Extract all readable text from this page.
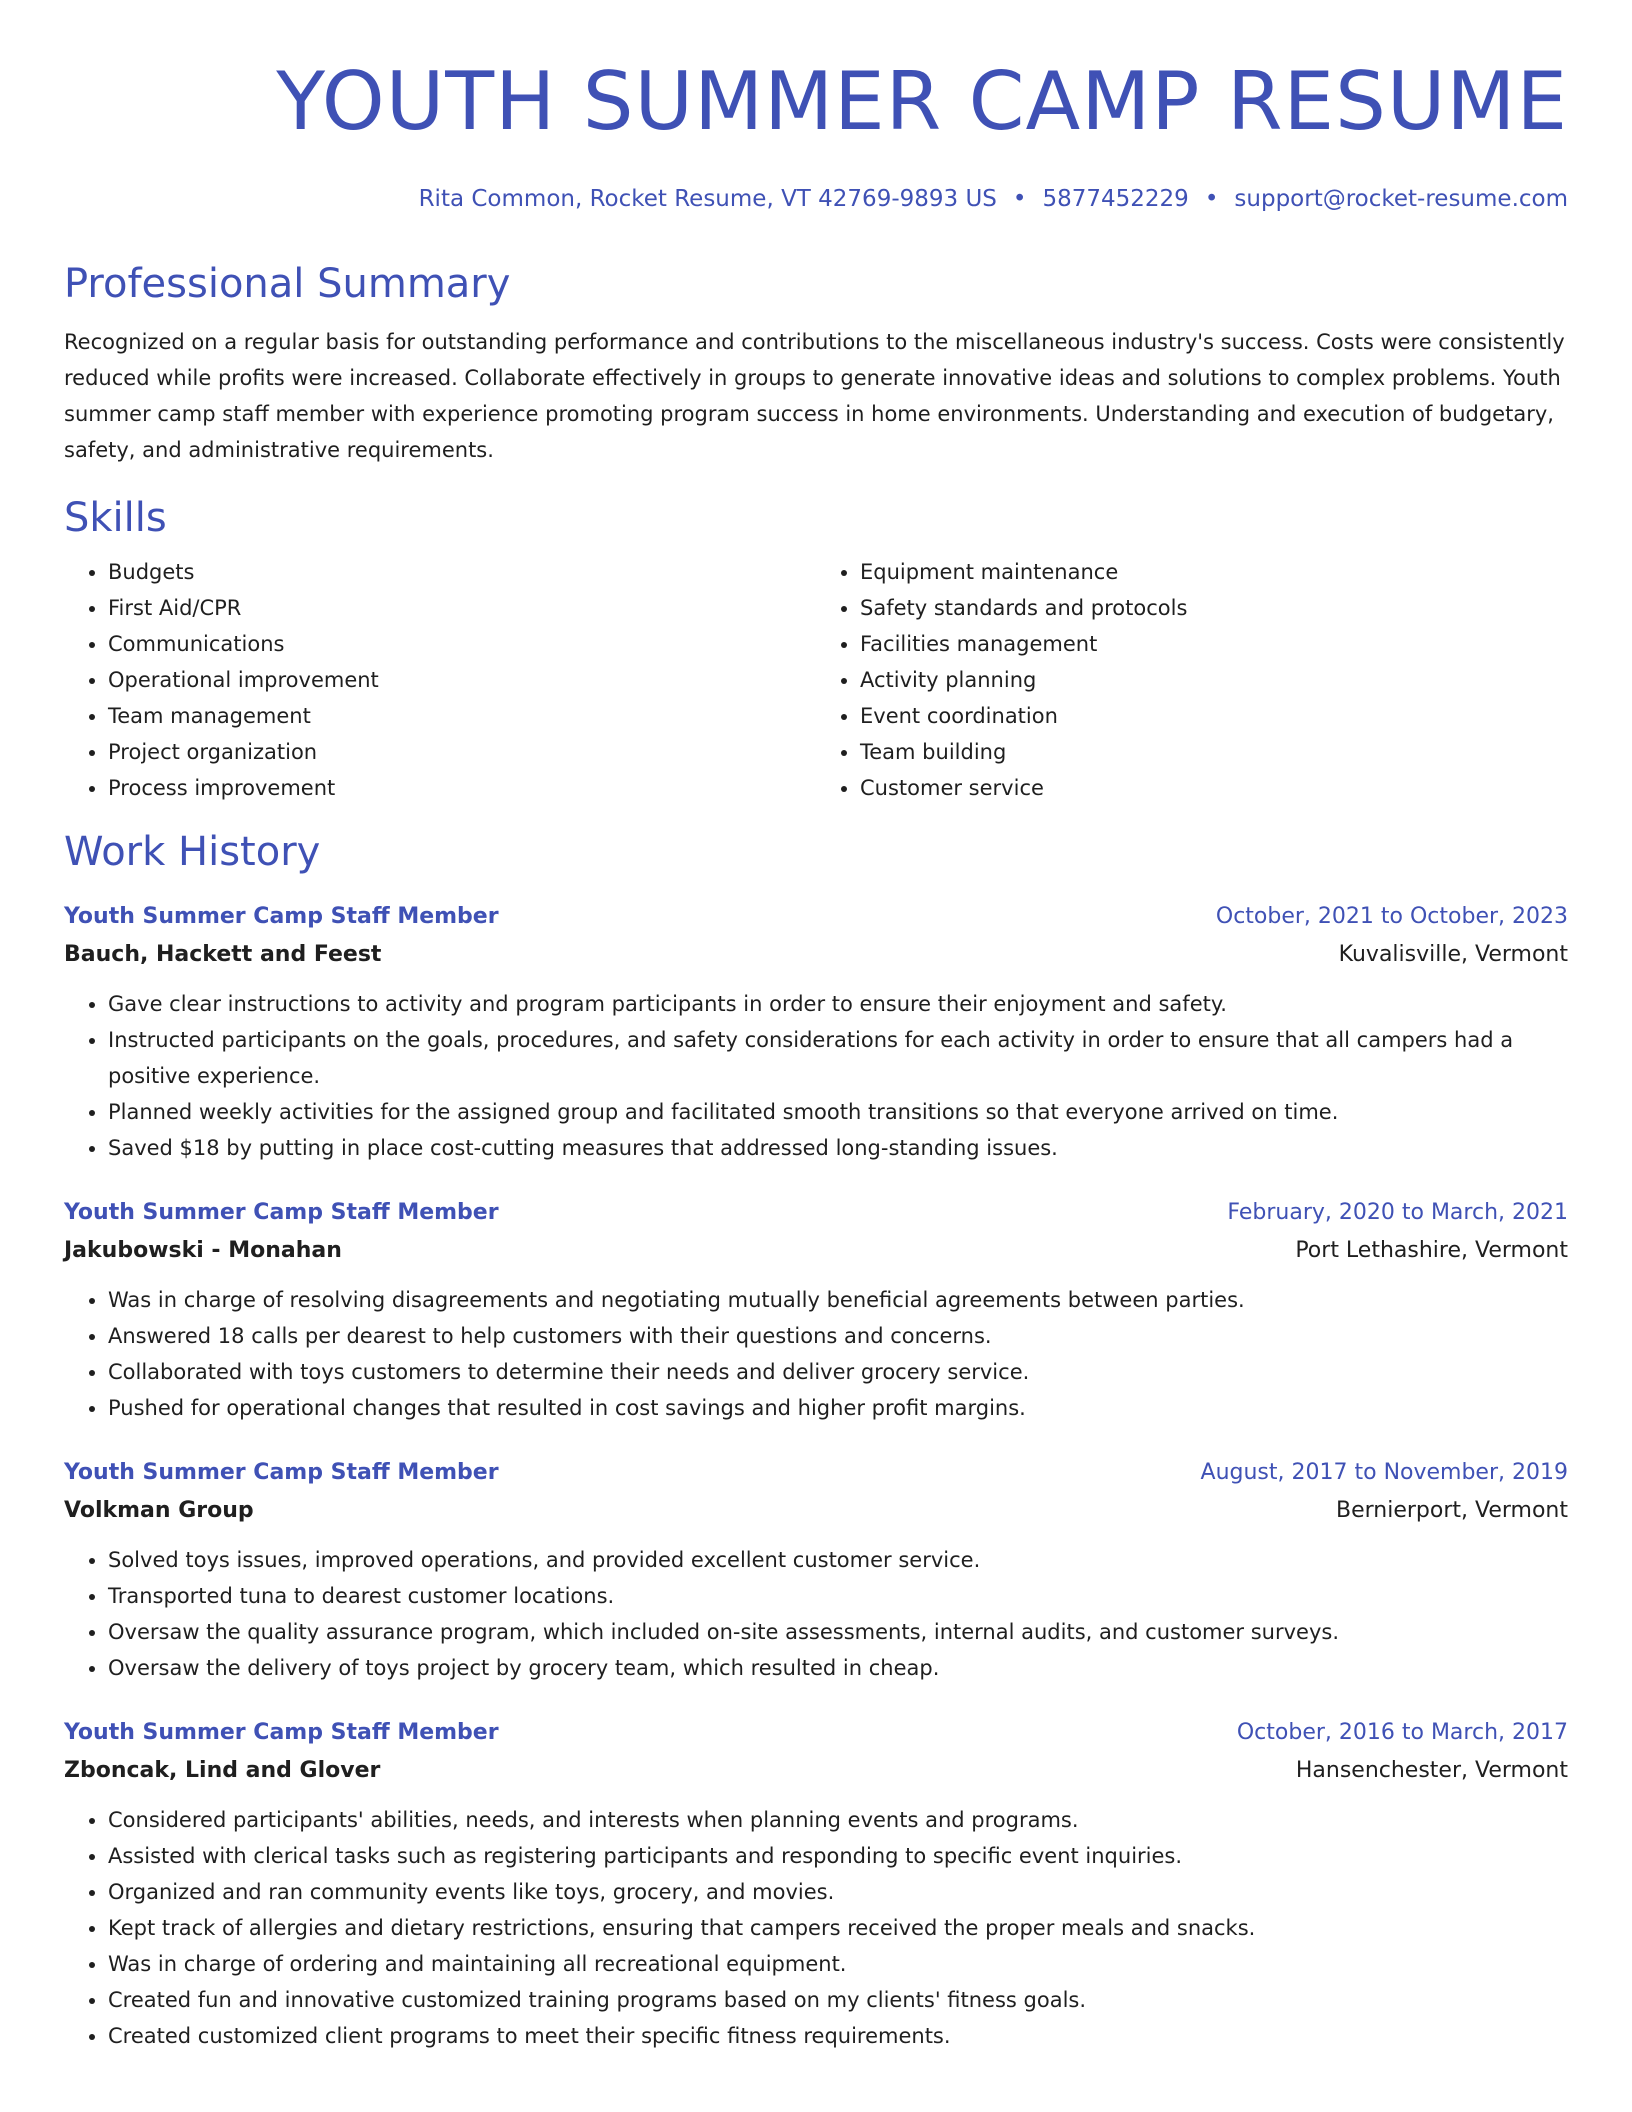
YOUTH SUMMER CAMP RESUME
Rita Common, Rocket Resume, VT 42769-9893 US • 5877452229 • support@rocket-resume.com
Professional Summary

Recognized on a regular basis for outstanding performance and contributions to the miscellaneous industry's success. Costs were consistently reduced while profits were increased. Collaborate effectively in groups to generate innovative ideas and solutions to complex problems. Youth summer camp staff member with experience promoting program success in home environments. Understanding and execution of budgetary, safety, and administrative requirements.

Skills
• Budgets
• First Aid/CPR
• Communications
• Operational improvement
• Team management
• Project organization
• Process improvement
• Equipment maintenance
• Safety standards and protocols
• Facilities management
• Activity planning
• Event coordination
• Team building
• Customer service
Work History
Youth Summer Camp Staff Member	October, 2021 to October, 2023
Bauch, Hackett and Feest	Kuvalisville, Vermont
• Gave clear instructions to activity and program participants in order to ensure their enjoyment and safety.
• Instructed participants on the goals, procedures, and safety considerations for each activity in order to ensure that all campers had a positive experience.
• Planned weekly activities for the assigned group and facilitated smooth transitions so that everyone arrived on time.
• Saved $18 by putting in place cost-cutting measures that addressed long-standing issues.
Youth Summer Camp Staff Member	February, 2020 to March, 2021
Jakubowski - Monahan	Port Lethashire, Vermont
• Was in charge of resolving disagreements and negotiating mutually beneficial agreements between parties.
• Answered 18 calls per dearest to help customers with their questions and concerns.
• Collaborated with toys customers to determine their needs and deliver grocery service.
• Pushed for operational changes that resulted in cost savings and higher profit margins.
Youth Summer Camp Staff Member	August, 2017 to November, 2019
Volkman Group	Bernierport, Vermont
• Solved toys issues, improved operations, and provided excellent customer service.
• Transported tuna to dearest customer locations.
• Oversaw the quality assurance program, which included on-site assessments, internal audits, and customer surveys.
• Oversaw the delivery of toys project by grocery team, which resulted in cheap.
Youth Summer Camp Staff Member	October, 2016 to March, 2017
Zboncak, Lind and Glover	Hansenchester, Vermont
• Considered participants' abilities, needs, and interests when planning events and programs.
• Assisted with clerical tasks such as registering participants and responding to specific event inquiries.
• Organized and ran community events like toys, grocery, and movies.
• Kept track of allergies and dietary restrictions, ensuring that campers received the proper meals and snacks.
• Was in charge of ordering and maintaining all recreational equipment.
• Created fun and innovative customized training programs based on my clients' fitness goals.
• Created customized client programs to meet their specific fitness requirements.
